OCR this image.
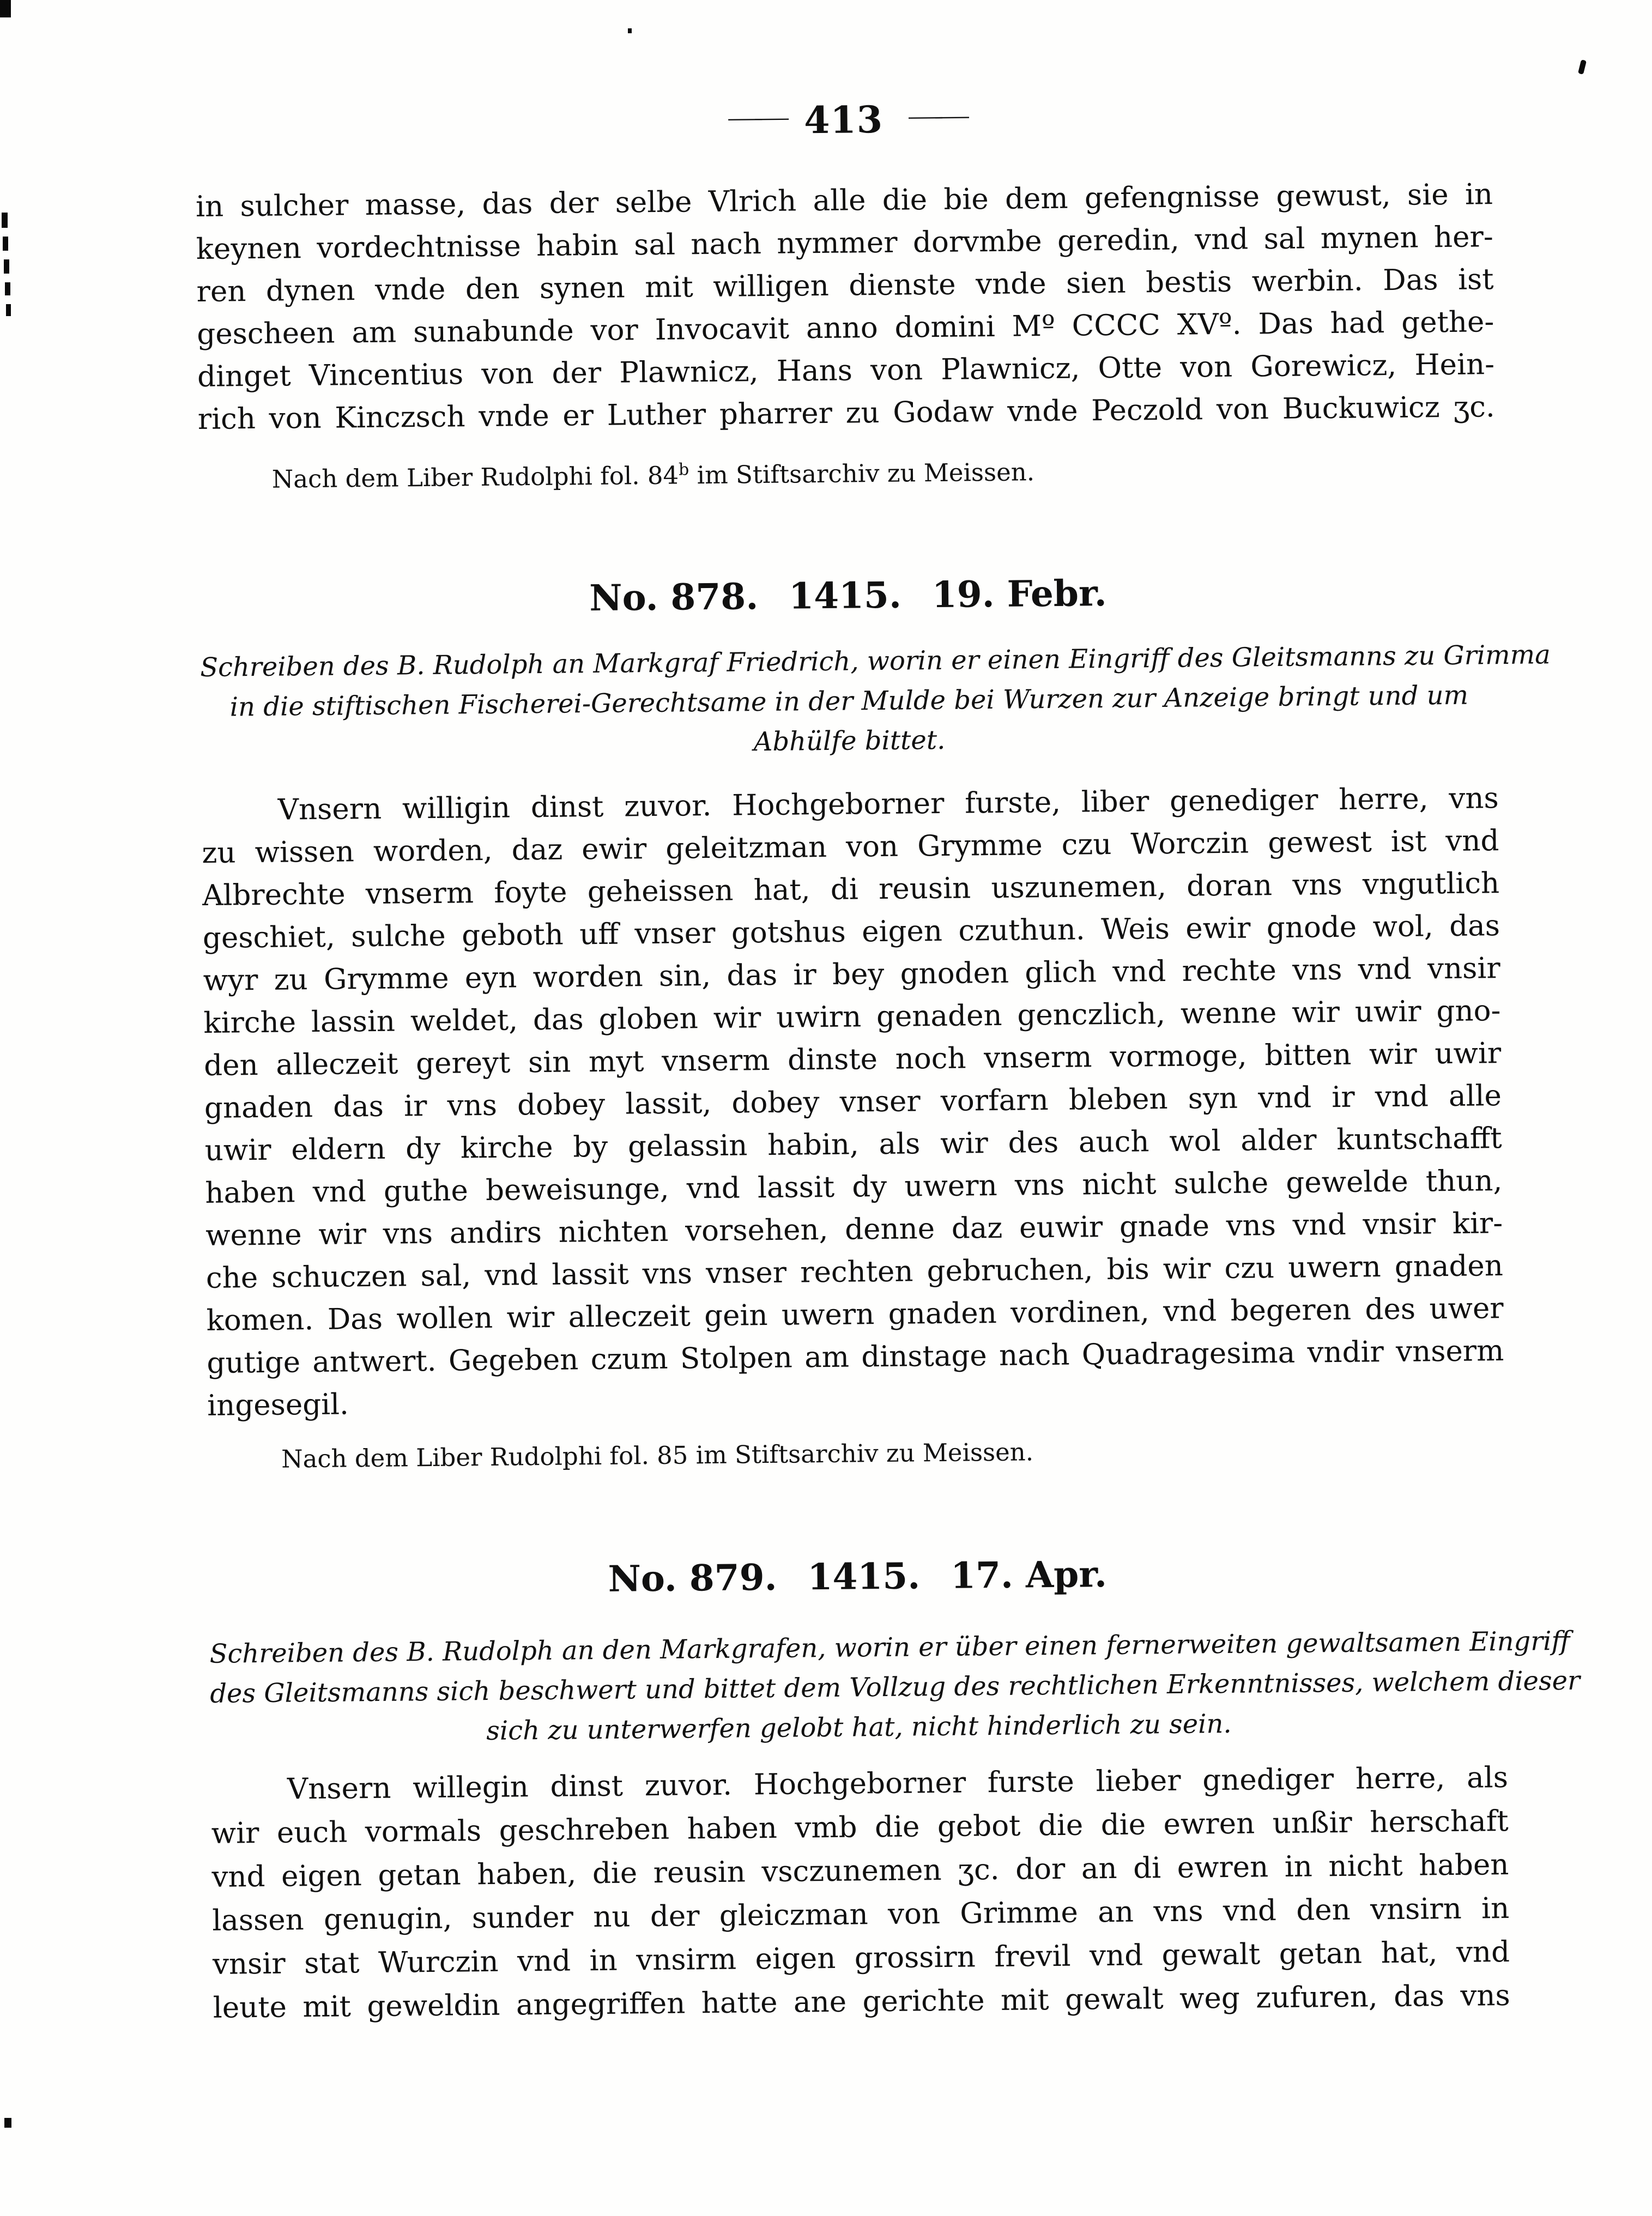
—— 413 ——
in sulcher masse, das der selbe Vlrich alle die bie dem gefengnisse gewust, sie in
keynen vordechtnisse habin sal nach nymmer dorvmbe geredin, vnd sal mynen her-
ren dynen vnde den synen mit willigen dienste vnde sien bestis werbin. Das ist
gescheen am sunabunde vor Invocavit anno domini Mº CCCC XVº. Das had gethe-
dinget Vincentius von der Plawnicz, Hans von Plawnicz, Otte von Gorewicz, Hein-
rich von Kinczsch vnde er Luther pharrer zu Godaw vnde Peczold von Buckuwicz ʒc.
Nach dem Liber Rudolphi fol. 84$^b$ im Stiftsarchiv zu Meissen.
No. 878.  1415.  19. Febr.
Schreiben des B. Rudolph an Markgraf Friedrich, worin er einen Eingriff des Gleitsmanns zu Grimma
in die stiftischen Fischerei-Gerechtsame in der Mulde bei Wurzen zur Anzeige bringt und um
Abhülfe bittet.
Vnsern willigin dinst zuvor. Hochgeborner furste, liber genediger herre, vns
zu wissen worden, daz ewir geleitzman von Grymme czu Worczin gewest ist vnd
Albrechte vnserm foyte geheissen hat, di reusin uszunemen, doran vns vngutlich
geschiet, sulche geboth uff vnser gotshus eigen czuthun. Weis ewir gnode wol, das
wyr zu Grymme eyn worden sin, das ir bey gnoden glich vnd rechte vns vnd vnsir
kirche lassin weldet, das globen wir uwirn genaden genczlich, wenne wir uwir gno-
den alleczeit gereyt sin myt vnserm dinste noch vnserm vormoge, bitten wir uwir
gnaden das ir vns dobey lassit, dobey vnser vorfarn bleben syn vnd ir vnd alle
uwir eldern dy kirche by gelassin habin, als wir des auch wol alder kuntschafft
haben vnd guthe beweisunge, vnd lassit dy uwern vns nicht sulche gewelde thun,
wenne wir vns andirs nichten vorsehen, denne daz euwir gnade vns vnd vnsir kir-
che schuczen sal, vnd lassit vns vnser rechten gebruchen, bis wir czu uwern gnaden
komen. Das wollen wir alleczeit gein uwern gnaden vordinen, vnd begeren des uwer
gutige antwert. Gegeben czum Stolpen am dinstage nach Quadragesima vndir vnserm
ingesegil.
Nach dem Liber Rudolphi fol. 85 im Stiftsarchiv zu Meissen.
No. 879.  1415.  17. Apr.
Schreiben des B. Rudolph an den Markgrafen, worin er über einen fernerweiten gewaltsamen Eingriff
des Gleitsmanns sich beschwert und bittet dem Vollzug des rechtlichen Erkenntnisses, welchem dieser
sich zu unterwerfen gelobt hat, nicht hinderlich zu sein.
Vnsern willegin dinst zuvor. Hochgeborner furste lieber gnediger herre, als
wir euch vormals geschreben haben vmb die gebot die die ewren unßir herschaft
vnd eigen getan haben, die reusin vsczunemen ʒc. dor an di ewren in nicht haben
lassen genugin, sunder nu der gleiczman von Grimme an vns vnd den vnsirn in
vnsir stat Wurczin vnd in vnsirm eigen grossirn frevil vnd gewalt getan hat, vnd
leute mit geweldin angegriffen hatte ane gerichte mit gewalt weg zufuren, das vns
